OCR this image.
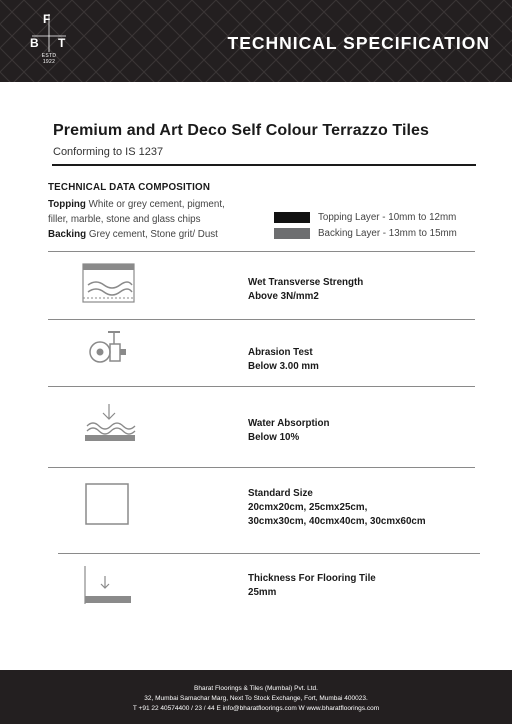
F
B T
ESTD
1922
TECHNICAL SPECIFICATION
Premium and Art Deco Self Colour Terrazzo Tiles
Conforming to IS 1237
TECHNICAL DATA COMPOSITION
Topping White or grey cement, pigment,
filler, marble, stone and glass chips
Backing Grey cement, Stone grit/ Dust
Topping Layer - 10mm to 12mm
Backing Layer - 13mm to 15mm
Wet Transverse Strength
Above 3N/mm2
Abrasion Test
Below 3.00 mm
Water Absorption
Below 10%
Standard Size
20cmx20cm, 25cmx25cm,
30cmx30cm, 40cmx40cm, 30cmx60cm
Thickness For Flooring Tile
25mm
Bharat Floorings & Tiles (Mumbai) Pvt. Ltd.
32, Mumbai Samachar Marg, Next To Stock Exchange, Fort, Mumbai 400023.
T +91 22 40574400 / 23 / 44 E info@bharatfloorings.com W www.bharatfloorings.com
